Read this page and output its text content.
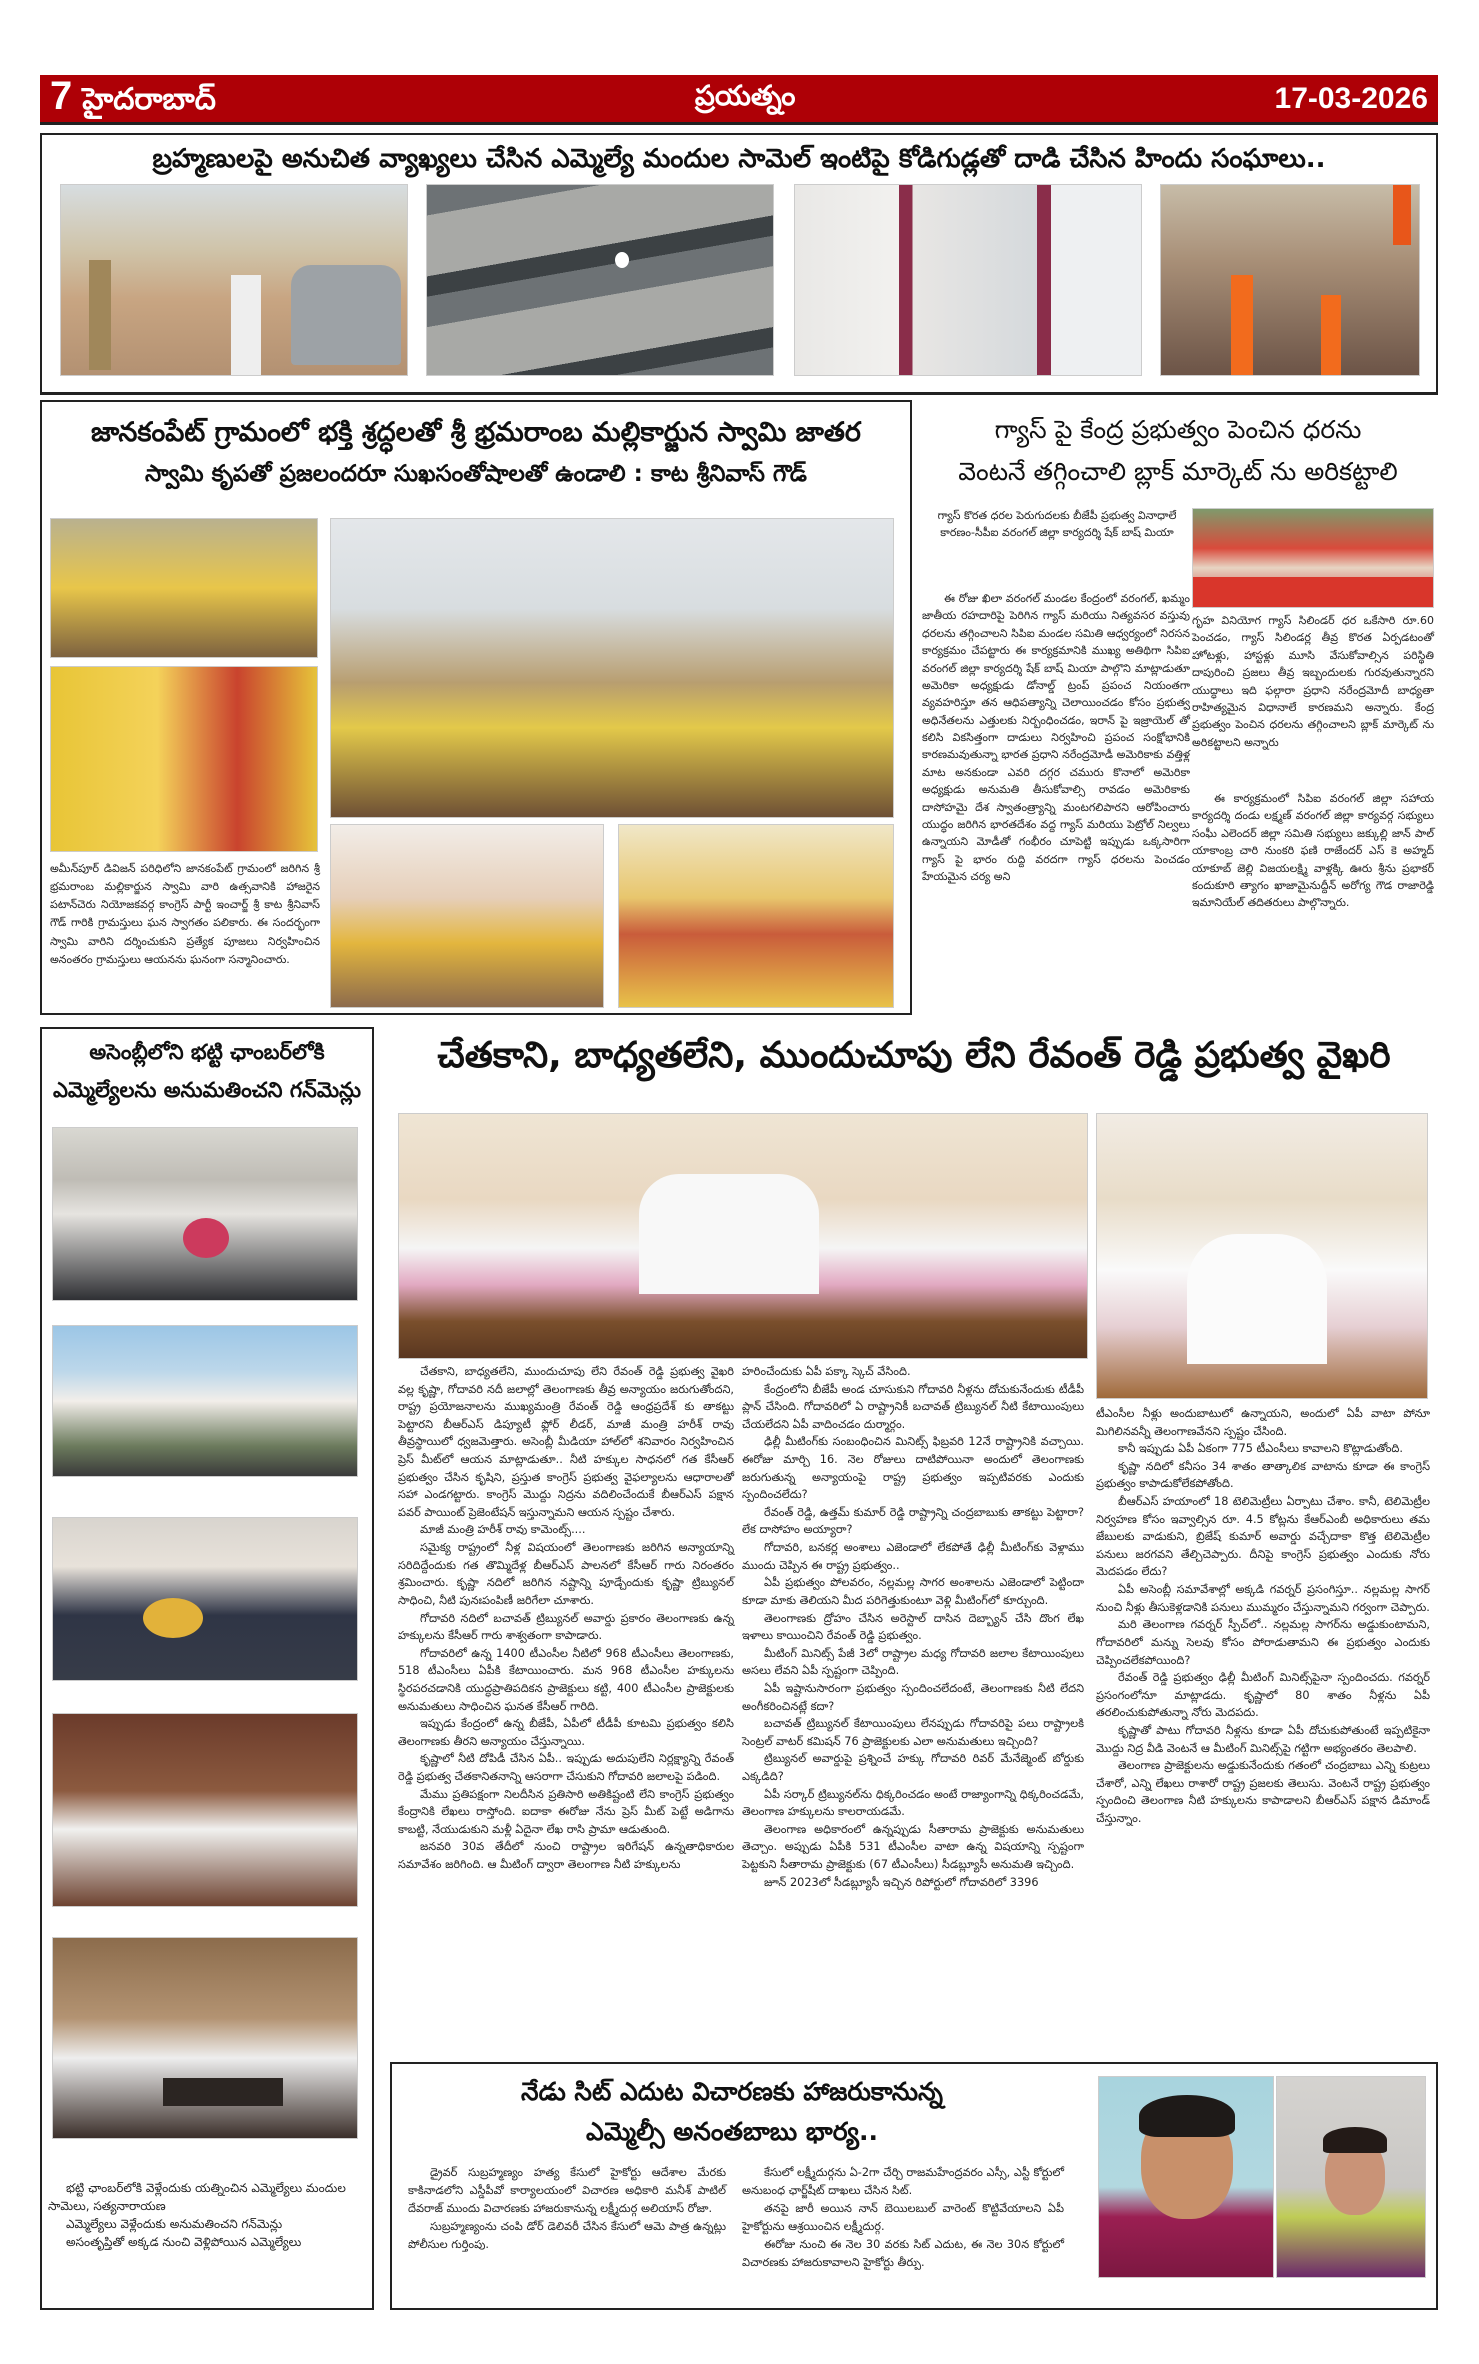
7 హైదరాబాద్	ప్రయత్నం	17-03-2026
బ్రహ్మణులపై అనుచిత వ్యాఖ్యలు చేసిన ఎమ్మెల్యే మందుల సామెల్ ఇంటిపై కోడిగుడ్లతో దాడి చేసిన హిందు సంఘాలు..
జానకంపేట్ గ్రామంలో భక్తి శ్రద్ధలతో శ్రీ భ్రమరాంబ మల్లికార్జున స్వామి జాతర
స్వామి కృపతో ప్రజలందరూ సుఖసంతోషాలతో ఉండాలి : కాట శ్రీనివాస్ గౌడ్
అమీన్‌పూర్ డివిజన్ పరిధిలోని జానకంపేట్ గ్రామంలో జరిగిన శ్రీ భ్రమరాంబ మల్లికార్జున స్వామి వారి ఉత్సవానికి హాజరైన పటాన్‌చెరు నియోజకవర్గ కాంగ్రెస్ పార్టీ ఇంచార్జ్ శ్రీ కాట శ్రీనివాస్ గౌడ్ గారికి గ్రామస్తులు ఘన స్వాగతం పలికారు. ఈ సందర్భంగా స్వామి వారిని దర్శించుకుని ప్రత్యేక పూజలు నిర్వహించిన అనంతరం గ్రామస్తులు ఆయనను ఘనంగా సన్మానించారు.
గ్యాస్ పై కేంద్ర ప్రభుత్వం పెంచిన ధరను
వెంటనే తగ్గించాలి బ్లాక్ మార్కెట్ ను అరికట్టాలి
గ్యాస్ కొరత ధరల పెరుగుదలకు బీజేపీ ప్రభుత్వ వినాధాలే కారణం-సీపీఐ వరంగల్ జిల్లా కార్యదర్శి షేక్ బాష్ మియా
ఈ రోజు ఖిలా వరంగల్ మండల కేంద్రంలో వరంగల్, ఖమ్మం జాతీయ రహదారిపై పెరిగిన గ్యాస్ మరియు నిత్యవసర వస్తువు ధరలను తగ్గించాలని సిపిఐ మండల సమితి ఆధ్వర్యంలో నిరసన కార్యక్రమం చేపట్టారు ఈ కార్యక్రమానికి ముఖ్య అతిథిగా సిపిఐ వరంగల్ జిల్లా కార్యదర్శి షేక్ బాష్ మియా పాల్గొని మాట్లాడుతూ అమెరికా అధ్యక్షుడు డోనాల్డ్ ట్రంప్ ప్రపంచ నియంతగా వ్యవహరిస్తూ తన ఆధిపత్యాన్ని చెలాయించడం కోసం ప్రభుత్వ అధినేతలను ఎత్తులకు నిర్బంధించడం, ఇరాన్ పై ఇజ్రాయెల్ తో కలిసి వికసిత్తంగా దాడులు నిర్వహించి ప్రపంచ సంక్షోభానికి కారణమవుతున్నా భారత ప్రధాని నరేంద్రమోడీ అమెరికాకు వత్తిళ్ల మాట అనకుండా ఎవరి దగ్గర చమురు కొనాలో అమెరికా అధ్యక్షుడు అనుమతి తీసుకోవాల్సి రావడం అమెరికాకు దాసోహమై దేశ స్వాతంత్ర్యాన్ని మంటగలిపారని ఆరోపించారు యుద్ధం జరిగిన భారతదేశం వద్ద గ్యాస్ మరియు పెట్రోల్ నిల్వలు ఉన్నాయని మోడీతో గంభీరం చూపెట్టి ఇప్పుడు ఒక్కసారిగా గ్యాస్ పై భారం రుద్ది వరదగా గ్యాస్ ధరలను పెంచడం హేయమైన చర్య అని
గృహ వినియోగ గ్యాస్ సిలిండర్ ధర ఒకేసారి రూ.60 పెంచడం, గ్యాస్ సిలిండర్ల తీవ్ర కొరత ఏర్పడటంతో హోటళ్లు, హాస్టళ్లు మూసి వేసుకోవాల్సిన పరిస్థితి దాపురించి ప్రజలు తీవ్ర ఇబ్బందులకు గురవుతున్నారని యుద్ధాలు ఇది ఫల్గారా ప్రధాని నరేంద్రమోదీ బాధ్యతా రాహిత్యమైన విధానాలే కారణమని అన్నారు. కేంద్ర ప్రభుత్వం పెంచిన ధరలను తగ్గించాలని బ్లాక్ మార్కెట్ ను అరికట్టాలని అన్నారు
ఈ కార్యక్రమంలో సిపిఐ వరంగల్ జిల్లా సహాయ కార్యదర్శి దండు లక్ష్మణ్ వరంగల్ జిల్లా కార్యవర్గ సభ్యులు సంఘీ ఎలెందర్ జిల్లా సమితి సభ్యులు జక్కుల్లి జాన్ పాల్ యాకాంబ్ర చారి నుంకరి ఫణి రాజేందర్ ఎస్ కె అహ్మద్ యాకూబ్ జెల్లి విజయలక్ష్మి వాళ్లక్కి ఊరు శ్రీను ప్రభాకర్ కందుకూరి త్యాగం ఖాజామైనుద్దీన్ అరోగ్య గౌడ రాజారెడ్డి ఇమానియేల్ తదితరులు పాల్గొన్నారు.
అసెంబ్లీలోని భట్టి ఛాంబర్‌లోకి
ఎమ్మెల్యేలను అనుమతించని గన్‌మెన్లు
భట్టి ఛాంబర్‌లోకి వెళ్లేందుకు యత్నించిన ఎమ్మెల్యేలు మందుల సామెలు, సత్యనారాయణ
ఎమ్మెల్యేలు వెళ్లేందుకు అనుమతించని గన్‌మెన్లు
అసంతృప్తితో అక్కడ నుంచి వెళ్లిపోయిన ఎమ్మెల్యేలు
చేతకాని, బాధ్యతలేని, ముందుచూపు లేని రేవంత్ రెడ్డి ప్రభుత్వ వైఖరి

చేతకాని, బాధ్యతలేని, ముందుచూపు లేని రేవంత్ రెడ్డి ప్రభుత్వ వైఖరి వల్ల కృష్ణా, గోదావరి నదీ జలాల్లో తెలంగాణకు తీవ్ర అన్యాయం జరుగుతోందని, రాష్ట్ర ప్రయోజనాలను ముఖ్యమంత్రి రేవంత్ రెడ్డి ఆంధ్రప్రదేశ్ కు తాకట్టు పెట్టారని బీఆర్ఎస్ డిప్యూటీ ఫ్లోర్ లీడర్, మాజీ మంత్రి హరీశ్ రావు తీవ్రస్థాయిలో ధ్వజమెత్తారు. అసెంబ్లీ మీడియా హాల్‌లో శనివారం నిర్వహించిన ప్రెస్ మీట్‌లో ఆయన మాట్లాడుతూ.. నీటి హక్కుల సాధనలో గత కేసీఆర్ ప్రభుత్వం చేసిన కృషిని, ప్రస్తుత కాంగ్రెస్ ప్రభుత్వ వైఫల్యాలను ఆధారాలతో సహా ఎండగట్టారు. కాంగ్రెస్ మొద్దు నిద్రను వదిలించేందుకే బీఆర్ఎస్ పక్షాన పవర్ పాయింట్ ప్రెజెంటేషన్ ఇస్తున్నామని ఆయన స్పష్టం చేశారు.

మాజీ మంత్రి హరీశ్ రావు కామెంట్స్....

సమైక్య రాష్ట్రంలో నీళ్ల విషయంలో తెలంగాణకు జరిగిన అన్యాయాన్ని సరిదిద్దేందుకు గత తొమ్మిదేళ్ల బీఆర్ఎస్ పాలనలో కేసీఆర్ గారు నిరంతరం శ్రమించారు. కృష్ణా నదిలో జరిగిన నష్టాన్ని పూడ్చేందుకు కృష్ణా ట్రిబ్యునల్ సాధించి, నీటి పునఃపంపిణీ జరిగేలా చూశారు.

గోదావరి నదిలో బచావత్ ట్రిబ్యునల్ అవార్డు ప్రకారం తెలంగాణకు ఉన్న హక్కులను కేసీఆర్ గారు శాశ్వతంగా కాపాడారు.

గోదావరిలో ఉన్న 1400 టీఎంసీల నీటిలో 968 టీఎంసీలు తెలంగాణకు, 518 టీఎంసీలు ఏపీకి కేటాయించారు. మన 968 టీఎంసీల హక్కులను స్థిరపరచడానికి యుద్ధప్రాతిపదికన ప్రాజెక్టులు కట్టి, 400 టీఎంసీల ప్రాజెక్టులకు అనుమతులు సాధించిన ఘనత కేసీఆర్ గారిది.

ఇప్పుడు కేంద్రంలో ఉన్న బీజేపీ, ఏపీలో టీడీపీ కూటమి ప్రభుత్వం కలిసి తెలంగాణకు తీరని అన్యాయం చేస్తున్నాయి.

కృష్ణాలో నీటి దోపిడీ చేసిన ఏపీ.. ఇప్పుడు అదుపులేని నిర్లక్ష్యాన్ని రేవంత్ రెడ్డి ప్రభుత్వ చేతకానితనాన్ని ఆసరాగా చేసుకుని గోదావరి జలాలపై పడింది.

మేము ప్రతిపక్షంగా నిలదీసిన ప్రతిసారి అతికిష్టంటి లేని కాంగ్రెస్ ప్రభుత్వం కేంద్రానికి లేఖలు రాస్తోంది. ఐదాకా ఈరోజు నేను ప్రెస్ మీట్ పెట్టే అడిగాను కాబట్టి, నేయుడుకుని మళ్లీ ఏదైనా లేఖ రాసి ప్రామా ఆడుతుంది.

జనవరి 30వ తేదీలో నుంచి రాష్ట్రాల ఇరిగేషన్ ఉన్నతాధికారుల సమావేశం జరిగింది. ఆ మీటింగ్ ద్వారా తెలంగాణ నీటి హక్కులను

హరించేందుకు ఏపీ పక్కా స్కెచ్ వేసింది.

కేంద్రంలోని బీజేపీ అండ చూసుకుని గోదావరి నీళ్లను దోచుకునేందుకు టీడీపీ ప్లాన్ చేసింది. గోదావరిలో ఏ రాష్ట్రానికీ బచావత్ ట్రిబ్యునల్ నీటి కేటాయింపులు చేయలేదని ఏపీ వాదించడం దుర్మార్గం.

ఢిల్లీ మీటింగ్‌కు సంబంధించిన మినిట్స్ ఫిబ్రవరి 12నే రాష్ట్రానికి వచ్చాయి. ఈరోజు మార్చి 16. నెల రోజులు దాటిపోయినా అందులో తెలంగాణకు జరుగుతున్న అన్యాయంపై రాష్ట్ర ప్రభుత్వం ఇప్పటివరకు ఎందుకు స్పందించలేదు?

రేవంత్ రెడ్డి, ఉత్తమ్ కుమార్ రెడ్డి రాష్ట్రాన్ని చంద్రబాబుకు తాకట్టు పెట్టారా? లేక దాసోహం అయ్యారా?

గోదావరి, బనకర్ల అంశాలు ఎజెండాలో లేకపోతే ఢిల్లీ మీటింగ్‌కు వెళ్లాము ముందు చెప్పిన ఈ రాష్ట్ర ప్రభుత్వం..

ఏపీ ప్రభుత్వం పోలవరం, నల్లమల్ల సాగర అంశాలను ఎజెండాలో పెట్టిందా కూడా మాకు తెలియని మీద పరిగెత్తుకుంటూ వెళ్లి మీటింగ్‌లో కూర్చుంది.

తెలంగాణకు ద్రోహం చేసిన అరెస్టాల్ దాసిన దెబ్బ్యాన్ చేసి దొంగ లేఖ ఇళాలు కాయించిని రేవంత్ రెడ్డి ప్రభుత్వం.

మీటింగ్ మినిట్స్ పేజీ 3లో రాష్ట్రాల మధ్య గోదావరి జలాల కేటాయింపులు అసలు లేవని ఏపీ స్పష్టంగా చెప్పింది.

ఏపీ ఇష్టానుసారంగా ప్రభుత్వం స్పందించలేదంటే, తెలంగాణకు నీటి లేదని అంగీకరించినట్లే కదా?

బచావత్ ట్రిబ్యునల్ కేటాయింపులు లేనప్పుడు గోదావరిపై పలు రాష్ట్రాలకి సెంట్రల్ వాటర్ కమిషన్ 76 ప్రాజెక్టులకు ఎలా అనుమతులు ఇచ్చింది?

ట్రిబ్యునల్ అవార్డుపై ప్రశ్నించే హక్కు గోదావరి రివర్ మేనేజ్మెంట్ బోర్డుకు ఎక్కడిది?

ఏపీ సర్కార్ ట్రిబ్యునల్‌ను ధిక్కరించడం అంటే రాజ్యాంగాన్ని ధిక్కరించడమే, తెలంగాణ హక్కులను కాలరాయడమే.

తెలంగాణ అధికారంలో ఉన్నప్పుడు సీతారామ ప్రాజెక్టుకు అనుమతులు తెచ్చాం. అప్పుడు ఏపీకి 531 టీఎంసీల వాటా ఉన్న విషయాన్ని స్పష్టంగా పెట్టకుని సీతారామ ప్రాజెక్టుకు (67 టీఎంసీలు) సీడబ్ల్యూసీ అనుమతి ఇచ్చింది.

జూన్ 2023లో సీడబ్ల్యూసీ ఇచ్చిన రిపోర్టులో గోదావరిలో 3396

టీఎంసీల నీళ్లు అందుబాటులో ఉన్నాయని, అందులో ఏపీ వాటా పోనూ మిగిలినవన్నీ తెలంగాణవేనని స్పష్టం చేసింది.

కానీ ఇప్పుడు ఏపీ ఏకంగా 775 టీఎంసీలు కావాలని కొట్లాడుతోంది.

కృష్ణా నదిలో కనీసం 34 శాతం తాత్కాలిక వాటాను కూడా ఈ కాంగ్రెస్ ప్రభుత్వం కాపాడుకోలేకపోతోంది.

బీఆర్ఎస్ హయాంలో 18 టెలిమెట్రీలు ఏర్పాటు చేశాం. కానీ, టెలిమెట్రీల నిర్వహణ కోసం ఇవ్వాల్సిన రూ. 4.5 కోట్లను కేఆర్ఎంబీ అధికారులు తమ జేబులకు వాడుకుని, బ్రిజేష్ కుమార్ అవార్డు వచ్చేదాకా కొత్త టెలిమెట్రీల పనులు జరగవని తేల్చిచెప్పారు. దీనిపై కాంగ్రెస్ ప్రభుత్వం ఎందుకు నోరు మెదపడం లేదు?

ఏపీ అసెంబ్లీ సమావేశాల్లో అక్కడి గవర్నర్ ప్రసంగిస్తూ.. నల్లమల్ల సాగర్ నుంచి నీళ్లు తీసుకెళ్లడానికి పనులు ముమ్మరం చేస్తున్నామని గర్వంగా చెప్పారు.

మరి తెలంగాణ గవర్నర్ స్పీచ్‌లో.. నల్లమల్ల సాగర్‌ను అడ్డుకుంటామని, గోదావరిలో మన్ను సెలవు కోసం పోరాడుతామని ఈ ప్రభుత్వం ఎందుకు చెప్పించలేకపోయింది?

రేవంత్ రెడ్డి ప్రభుత్వం ఢిల్లీ మీటింగ్ మినిట్స్‌పైనా స్పందించదు. గవర్నర్ ప్రసంగంలోనూ మాట్లాడదు. కృష్ణాలో 80 శాతం నీళ్లను ఏపీ తరలించుకుపోతున్నా నోరు మెదపదు.

కృష్ణాతో పాటు గోదావరి నీళ్లను కూడా ఏపీ దోచుకుపోతుంటే ఇప్పటికైనా మొద్దు నిద్ర వీడి వెంటనే ఆ మీటింగ్ మినిట్స్‌పై గట్టిగా అభ్యంతరం తెలపాలి.

తెలంగాణ ప్రాజెక్టులను అడ్డుకునేందుకు గతంలో చంద్రబాబు ఎన్ని కుట్రలు చేశారో, ఎన్ని లేఖలు రాశారో రాష్ట్ర ప్రజలకు తెలుసు. వెంటనే రాష్ట్ర ప్రభుత్వం స్పందించి తెలంగాణ నీటి హక్కులను కాపాడాలని బీఆర్ఎస్ పక్షాన డిమాండ్ చేస్తున్నాం.

నేడు సిట్ ఎదుట విచారణకు హాజరుకానున్న
ఎమ్మెల్సీ అనంతబాబు భార్య..

డ్రైవర్ సుబ్రహ్మణ్యం హత్య కేసులో హైకోర్టు ఆదేశాల మేరకు కాకినాడలోని ఎస్డీపీవో కార్యాలయంలో విచారణ అధికారి మనీశ్ పాటిల్ దేవరాజ్ ముందు విచారణకు హాజరుకానున్న లక్ష్మీదుర్గ అలియాస్ రోజా.

సుబ్రహ్మణ్యంను చంపి డోర్ డెలివరీ చేసిన కేసులో ఆమె పాత్ర ఉన్నట్లు పోలీసుల గుర్తింపు.

కేసులో లక్ష్మీదుర్గను ఏ-2గా చేర్చి రాజమహేంద్రవరం ఎస్సీ, ఎస్టీ కోర్టులో అనుబంధ ఛార్జ్‌షీట్ దాఖలు చేసిన సిట్.

తనపై జారీ అయిన నాన్ బెయిలబుల్ వారెంట్ కొట్టివేయాలని ఏపీ హైకోర్టును ఆశ్రయించిన లక్ష్మీదుర్గ.

ఈరోజు నుంచి ఈ నెల 30 వరకు సిట్ ఎదుట, ఈ నెల 30న కోర్టులో విచారణకు హాజరుకావాలని హైకోర్టు తీర్పు.
